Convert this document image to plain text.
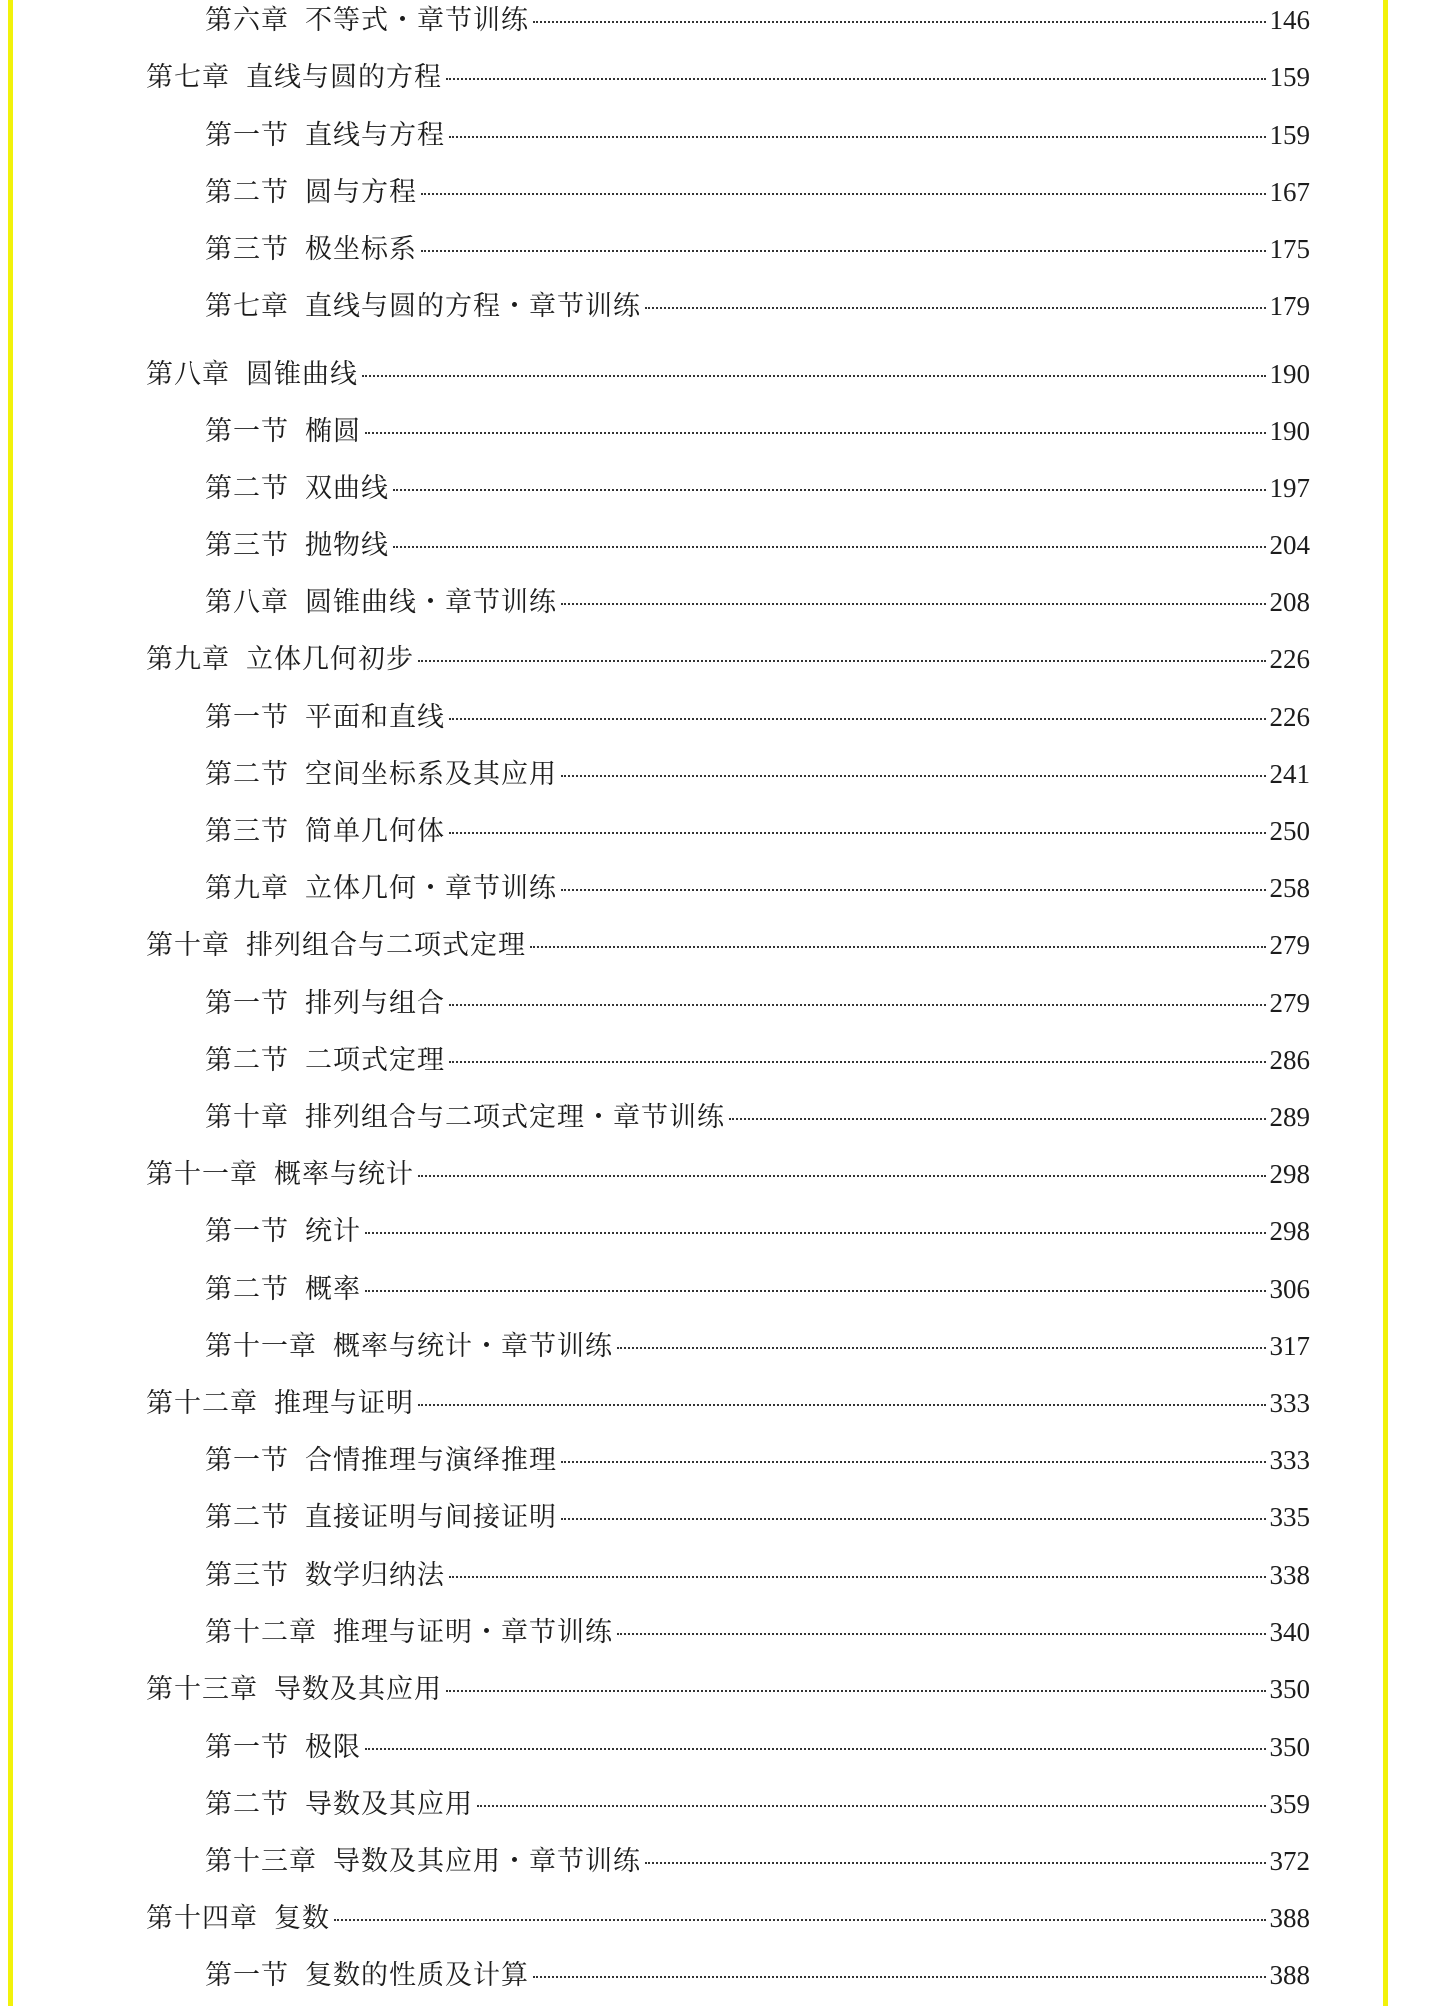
第六章 不等式・章节训练	146
第七章 直线与圆的方程	159
第一节 直线与方程	159
第二节 圆与方程	167
第三节 极坐标系	175
第七章 直线与圆的方程・章节训练	179
第八章 圆锥曲线	190
第一节 椭圆	190
第二节 双曲线	197
第三节 抛物线	204
第八章 圆锥曲线・章节训练	208
第九章 立体几何初步	226
第一节 平面和直线	226
第二节 空间坐标系及其应用	241
第三节 简单几何体	250
第九章 立体几何・章节训练	258
第十章 排列组合与二项式定理	279
第一节 排列与组合	279
第二节 二项式定理	286
第十章 排列组合与二项式定理・章节训练	289
第十一章 概率与统计	298
第一节 统计	298
第二节 概率	306
第十一章 概率与统计・章节训练	317
第十二章 推理与证明	333
第一节 合情推理与演绎推理	333
第二节 直接证明与间接证明	335
第三节 数学归纳法	338
第十二章 推理与证明・章节训练	340
第十三章 导数及其应用	350
第一节 极限	350
第二节 导数及其应用	359
第十三章 导数及其应用・章节训练	372
第十四章 复数	388
第一节 复数的性质及计算	388
